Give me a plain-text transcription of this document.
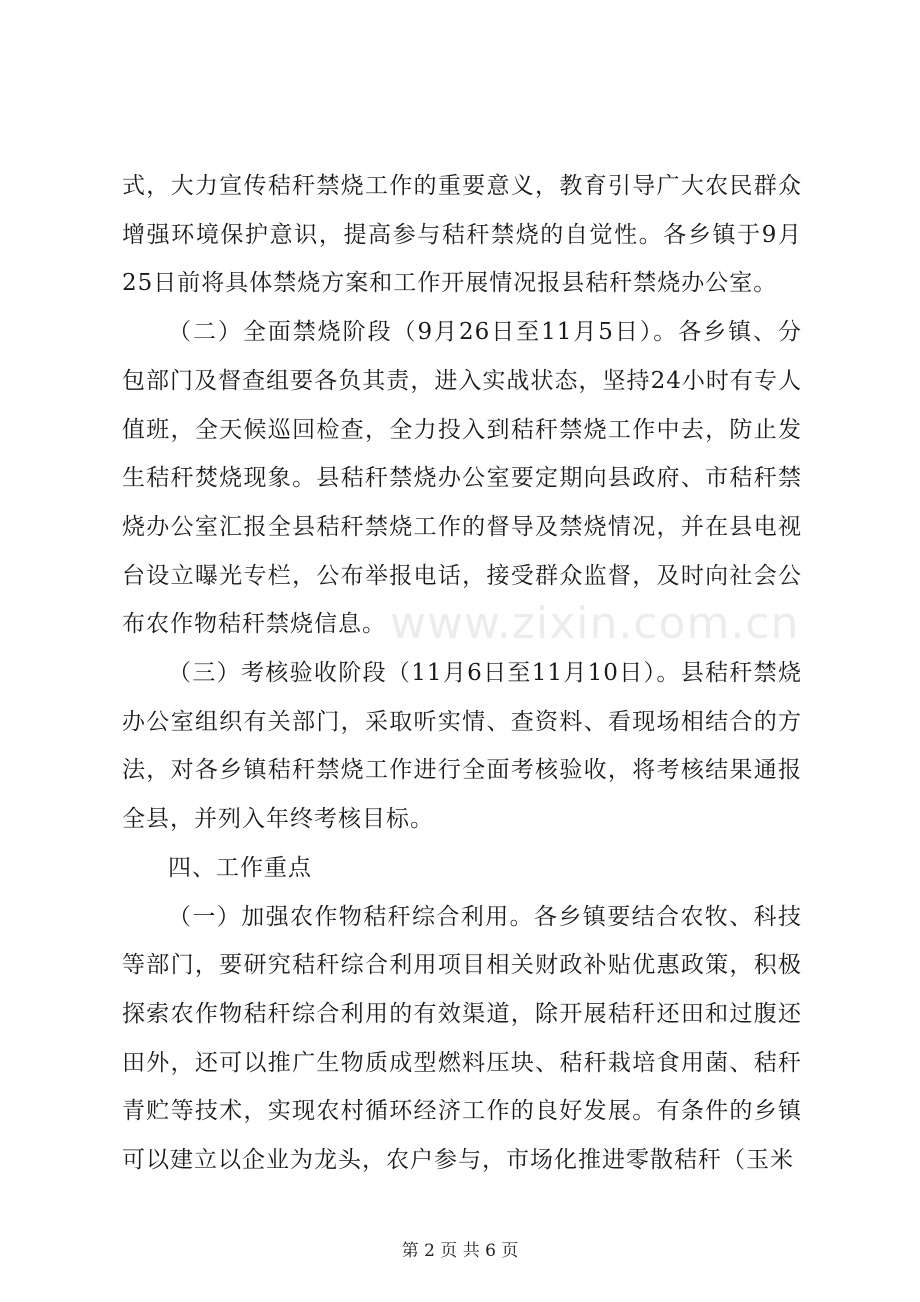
式，大力宣传秸秆禁烧工作的重要意义，教育引导广大农民群众增强环境保护意识，提高参与秸秆禁烧的自觉性。各乡镇于9月25日前将具体禁烧方案和工作开展情况报县秸秆禁烧办公室。

（二）全面禁烧阶段（9月26日至11月5日）。各乡镇、分包部门及督查组要各负其责，进入实战状态，坚持24小时有专人值班，全天候巡回检查，全力投入到秸秆禁烧工作中去，防止发生秸秆焚烧现象。县秸秆禁烧办公室要定期向县政府、市秸秆禁烧办公室汇报全县秸秆禁烧工作的督导及禁烧情况，并在县电视台设立曝光专栏，公布举报电话，接受群众监督，及时向社会公布农作物秸秆禁烧信息。

（三）考核验收阶段（11月6日至11月10日）。县秸秆禁烧办公室组织有关部门，采取听实情、查资料、看现场相结合的方法，对各乡镇秸秆禁烧工作进行全面考核验收，将考核结果通报全县，并列入年终考核目标。

四、工作重点

（一）加强农作物秸秆综合利用。各乡镇要结合农牧、科技等部门，要研究秸秆综合利用项目相关财政补贴优惠政策，积极探索农作物秸秆综合利用的有效渠道，除开展秸秆还田和过腹还田外，还可以推广生物质成型燃料压块、秸秆栽培食用菌、秸秆青贮等技术，实现农村循环经济工作的良好发展。有条件的乡镇可以建立以企业为龙头，农户参与，市场化推进零散秸秆（玉米

www.zixin.com.cn
第 2 页 共 6 页
